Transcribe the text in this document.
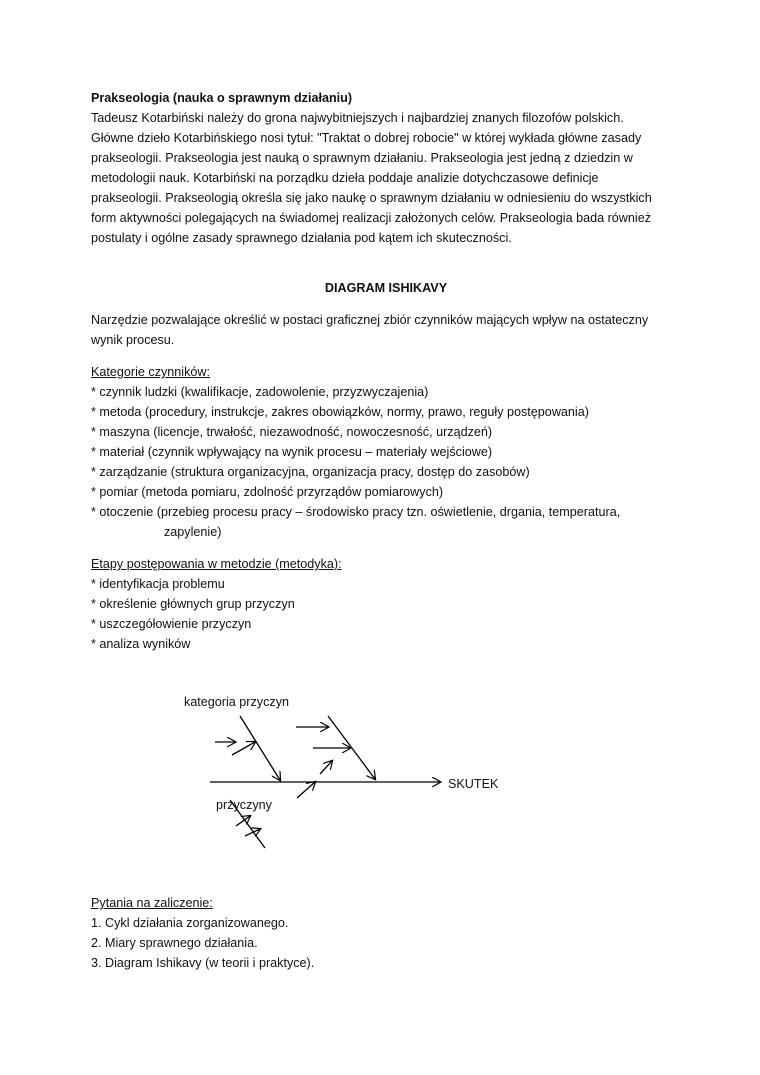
Prakseologia (nauka o sprawnym działaniu)
Tadeusz Kotarbiński należy do grona najwybitniejszych i najbardziej znanych filozofów polskich.
Główne dzieło Kotarbińskiego nosi tytuł: "Traktat o dobrej robocie" w której wykłada główne zasady
prakseologii. Prakseologia jest nauką o sprawnym działaniu. Prakseologia jest jedną z dziedzin w
metodologii nauk. Kotarbiński na porządku dzieła poddaje analizie dotychczasowe definicje
prakseologii. Prakseologią określa się jako naukę o sprawnym działaniu w odniesieniu do wszystkich
form aktywności polegających na świadomej realizacji założonych celów. Prakseologia bada również
postulaty i ogólne zasady sprawnego działania pod kątem ich skuteczności.
DIAGRAM ISHIKAVY
Narzędzie pozwalające określić w postaci graficznej zbiór czynników mających wpływ na ostateczny
wynik procesu.
Kategorie czynników:
* czynnik ludzki (kwalifikacje, zadowolenie, przyzwyczajenia)
* metoda (procedury, instrukcje, zakres obowiązków, normy, prawo, reguły postępowania)
* maszyna (licencje, trwałość, niezawodność, nowoczesność, urządzeń)
* materiał (czynnik wpływający na wynik procesu – materiały wejściowe)
* zarządzanie (struktura organizacyjna, organizacja pracy, dostęp do zasobów)
* pomiar (metoda pomiaru, zdolność przyrządów pomiarowych)
* otoczenie (przebieg procesu pracy – środowisko pracy tzn. oświetlenie, drgania, temperatura,
zapylenie)
Etapy postępowania w metodzie (metodyka):
* identyfikacja problemu
* określenie głównych grup przyczyn
* uszczegółowienie przyczyn
* analiza wyników
kategoria przyczyn
przyczyny
SKUTEK
Pytania na zaliczenie:
1. Cykl działania zorganizowanego.
2. Miary sprawnego działania.
3. Diagram Ishikavy (w teorii i praktyce).
